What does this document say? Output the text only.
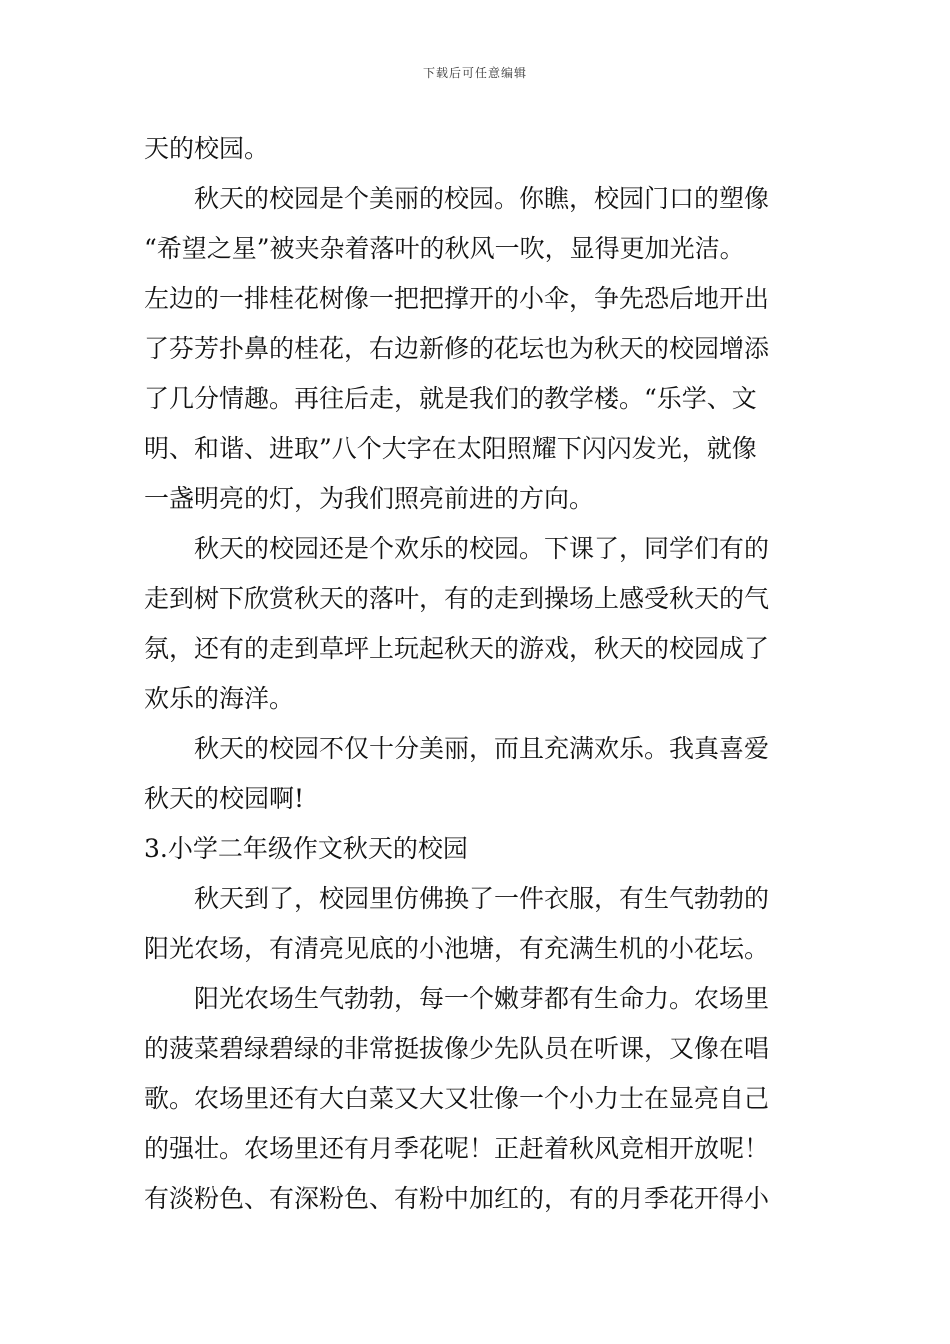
下载后可任意编辑
天的校园。
秋天的校园是个美丽的校园。你瞧，校园门口的塑像
“希望之星”被夹杂着落叶的秋风一吹，显得更加光洁。
左边的一排桂花树像一把把撑开的小伞，争先恐后地开出
了芬芳扑鼻的桂花，右边新修的花坛也为秋天的校园增添
了几分情趣。再往后走，就是我们的教学楼。“乐学、文
明、和谐、进取”八个大字在太阳照耀下闪闪发光，就像
一盏明亮的灯，为我们照亮前进的方向。
秋天的校园还是个欢乐的校园。下课了，同学们有的
走到树下欣赏秋天的落叶，有的走到操场上感受秋天的气
氛，还有的走到草坪上玩起秋天的游戏，秋天的校园成了
欢乐的海洋。
秋天的校园不仅十分美丽，而且充满欢乐。我真喜爱
秋天的校园啊!
3.小学二年级作文秋天的校园
秋天到了，校园里仿佛换了一件衣服，有生气勃勃的
阳光农场，有清亮见底的小池塘，有充满生机的小花坛。
阳光农场生气勃勃，每一个嫩芽都有生命力。农场里
的菠菜碧绿碧绿的非常挺拔像少先队员在听课，又像在唱
歌。农场里还有大白菜又大又壮像一个小力士在显亮自己
的强壮。农场里还有月季花呢！正赶着秋风竞相开放呢！
有淡粉色、有深粉色、有粉中加红的，有的月季花开得小
